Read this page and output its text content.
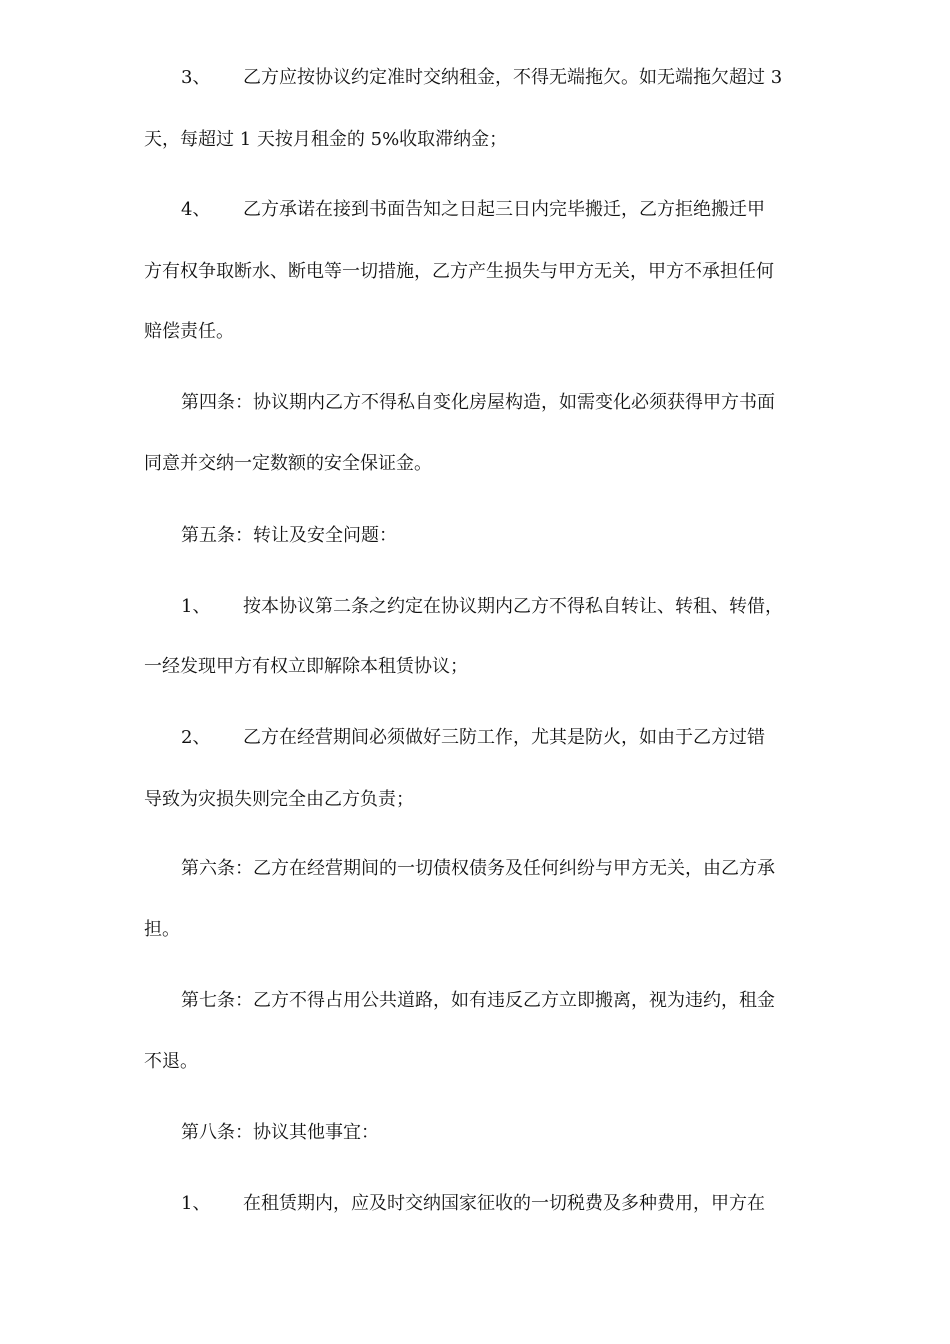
3、 乙方应按协议约定准时交纳租金，不得无端拖欠。如无端拖欠超过 3
天，每超过 1 天按月租金的 5%收取滞纳金；
4、 乙方承诺在接到书面告知之日起三日内完毕搬迁，乙方拒绝搬迁甲
方有权争取断水、断电等一切措施，乙方产生损失与甲方无关，甲方不承担任何
赔偿责任。
第四条：协议期内乙方不得私自变化房屋构造，如需变化必须获得甲方书面
同意并交纳一定数额的安全保证金。
第五条：转让及安全问题：
1、 按本协议第二条之约定在协议期内乙方不得私自转让、转租、转借，
一经发现甲方有权立即解除本租赁协议；
2、 乙方在经营期间必须做好三防工作，尤其是防火，如由于乙方过错
导致为灾损失则完全由乙方负责；
第六条：乙方在经营期间的一切债权债务及任何纠纷与甲方无关，由乙方承
担。
第七条：乙方不得占用公共道路，如有违反乙方立即搬离，视为违约，租金
不退。
第八条：协议其他事宜：
1、 在租赁期内，应及时交纳国家征收的一切税费及多种费用，甲方在
